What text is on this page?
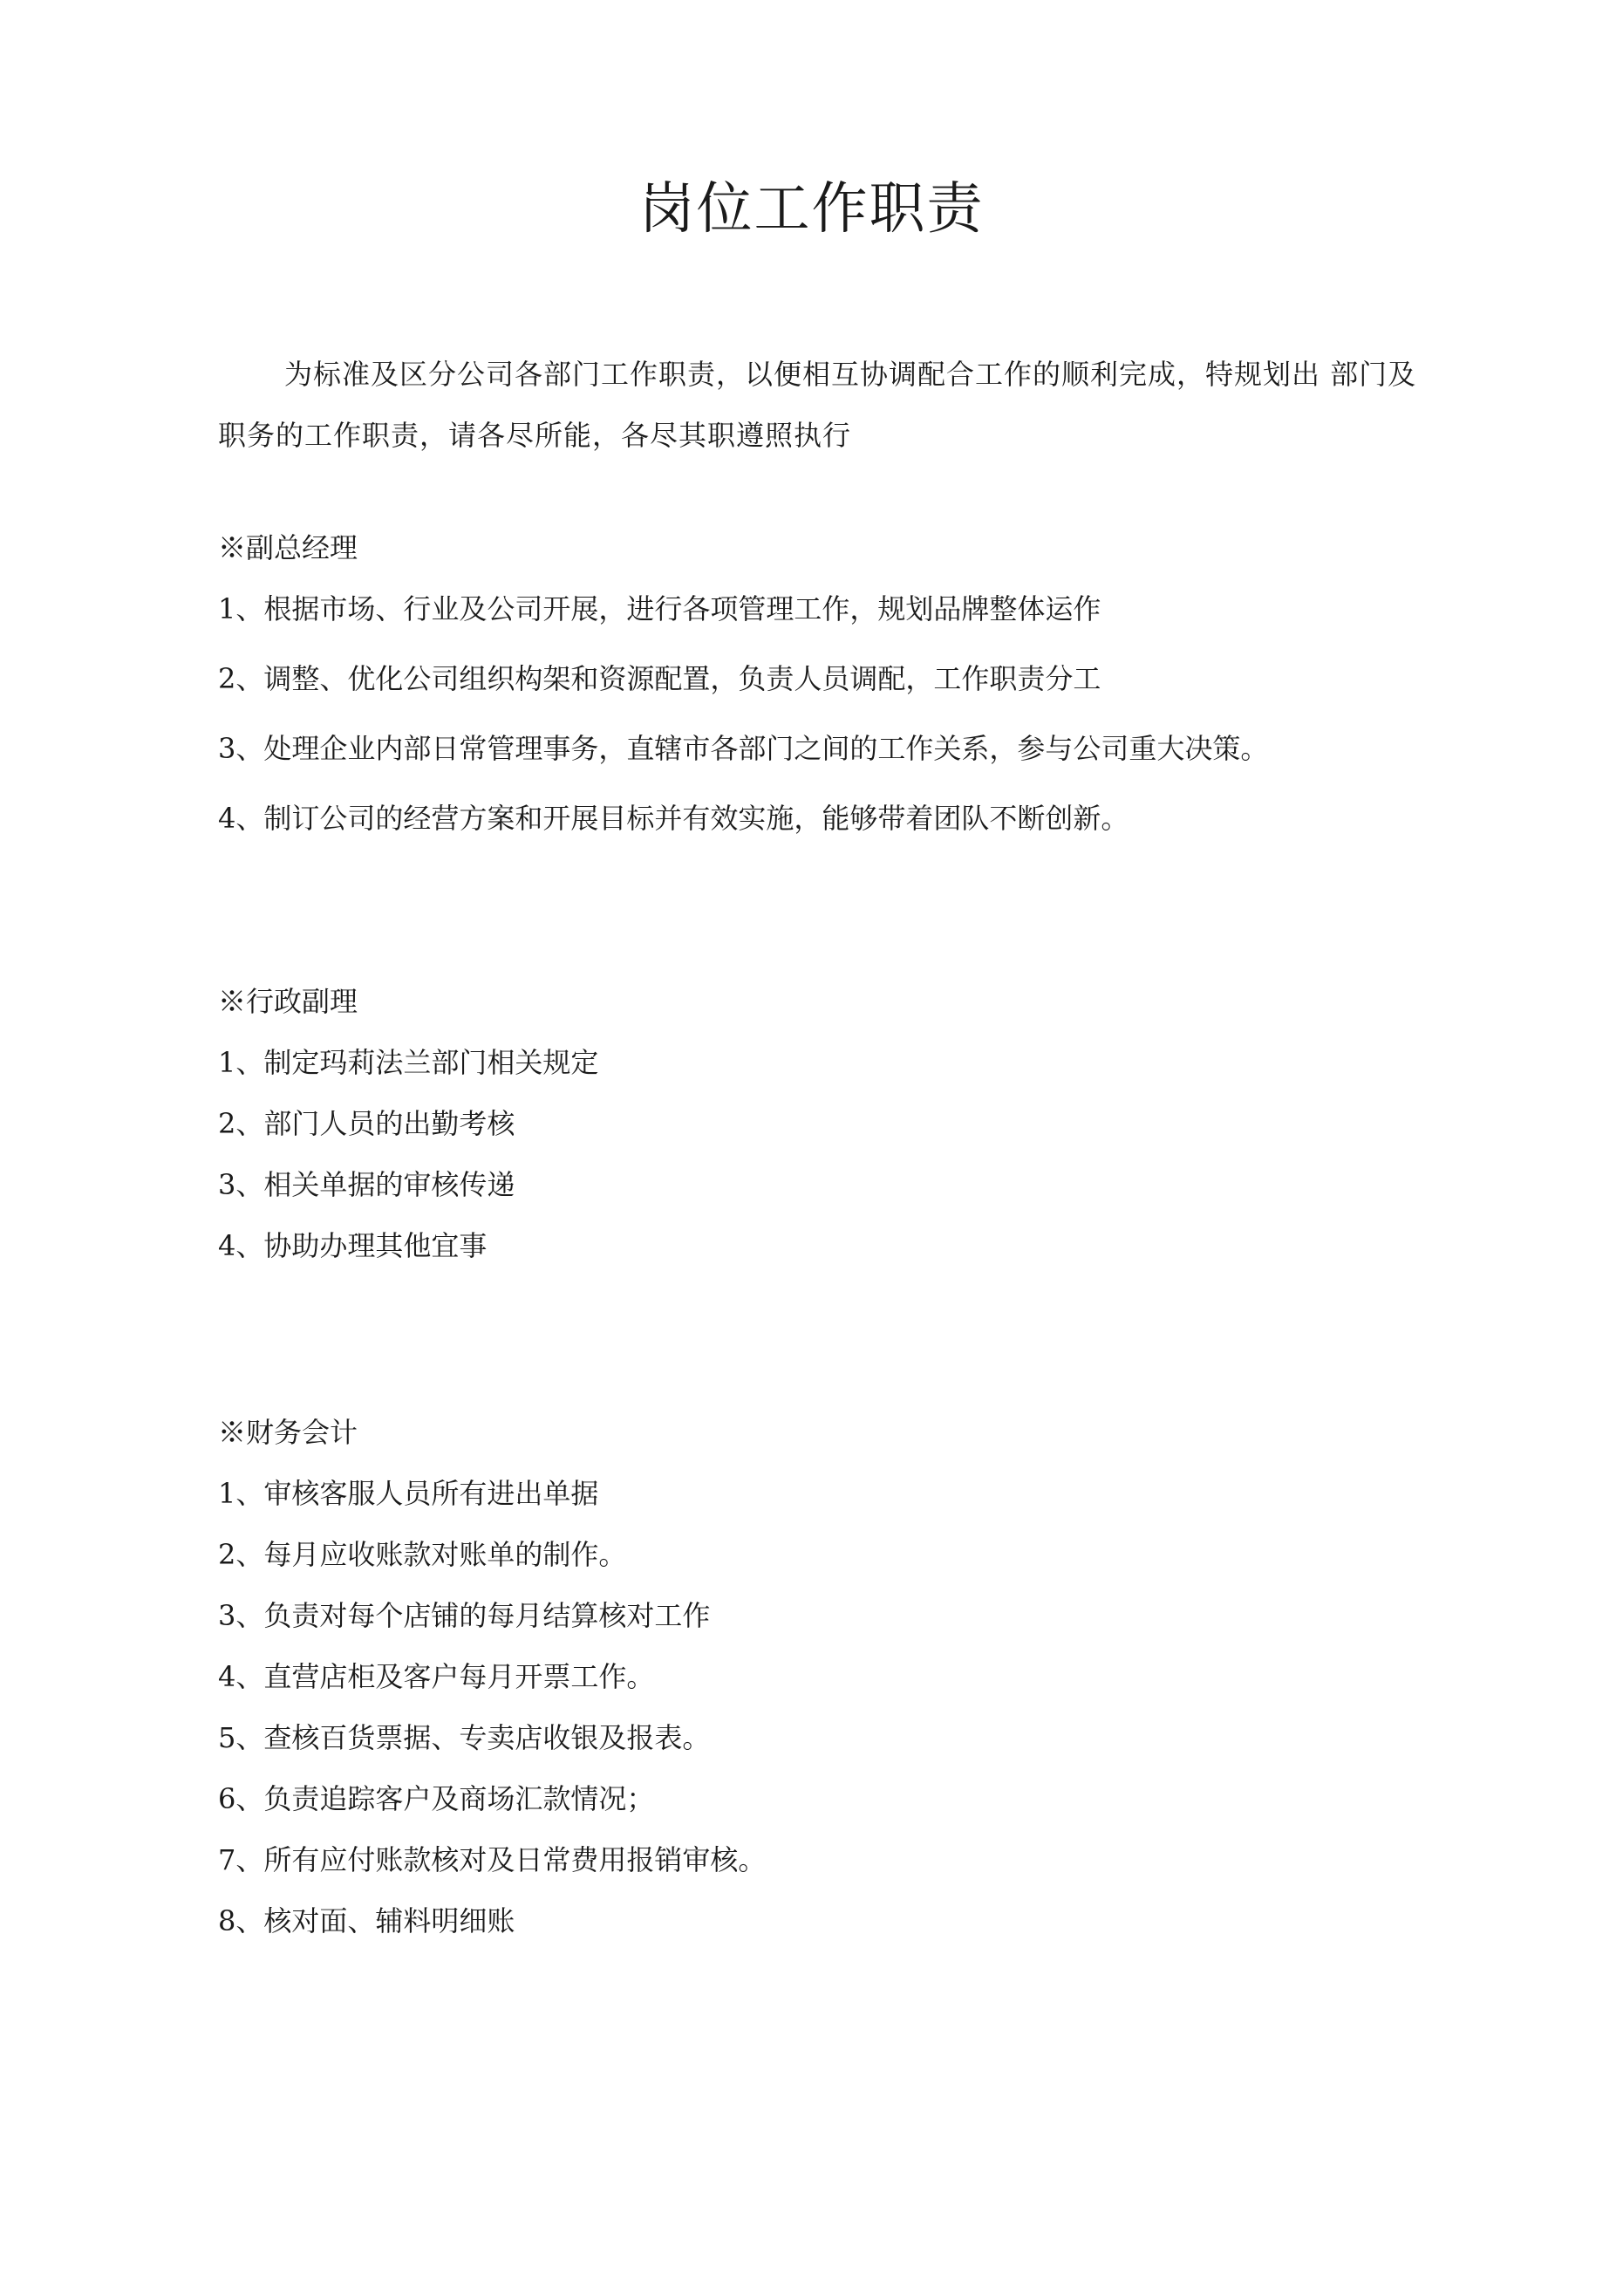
岗位工作职责

为标准及区分公司各部门工作职责，以便相互协调配合工作的顺利完成，特规划出 部门及职务的工作职责，请各尽所能，各尽其职遵照执行

※副总经理

1、根据市场、行业及公司开展，进行各项管理工作，规划品牌整体运作
2、调整、优化公司组织构架和资源配置，负责人员调配，工作职责分工
3、处理企业内部日常管理事务，直辖市各部门之间的工作关系，参与公司重大决策。
4、制订公司的经营方案和开展目标并有效实施，能够带着团队不断创新。

※行政副理

1、制定玛莉法兰部门相关规定
2、部门人员的出勤考核
3、相关单据的审核传递
4、协助办理其他宜事

※财务会计

1、审核客服人员所有进出单据
2、每月应收账款对账单的制作。
3、负责对每个店铺的每月结算核对工作
4、直营店柜及客户每月开票工作。
5、查核百货票据、专卖店收银及报表。
6、负责追踪客户及商场汇款情况；
7、所有应付账款核对及日常费用报销审核。
8、核对面、辅料明细账
